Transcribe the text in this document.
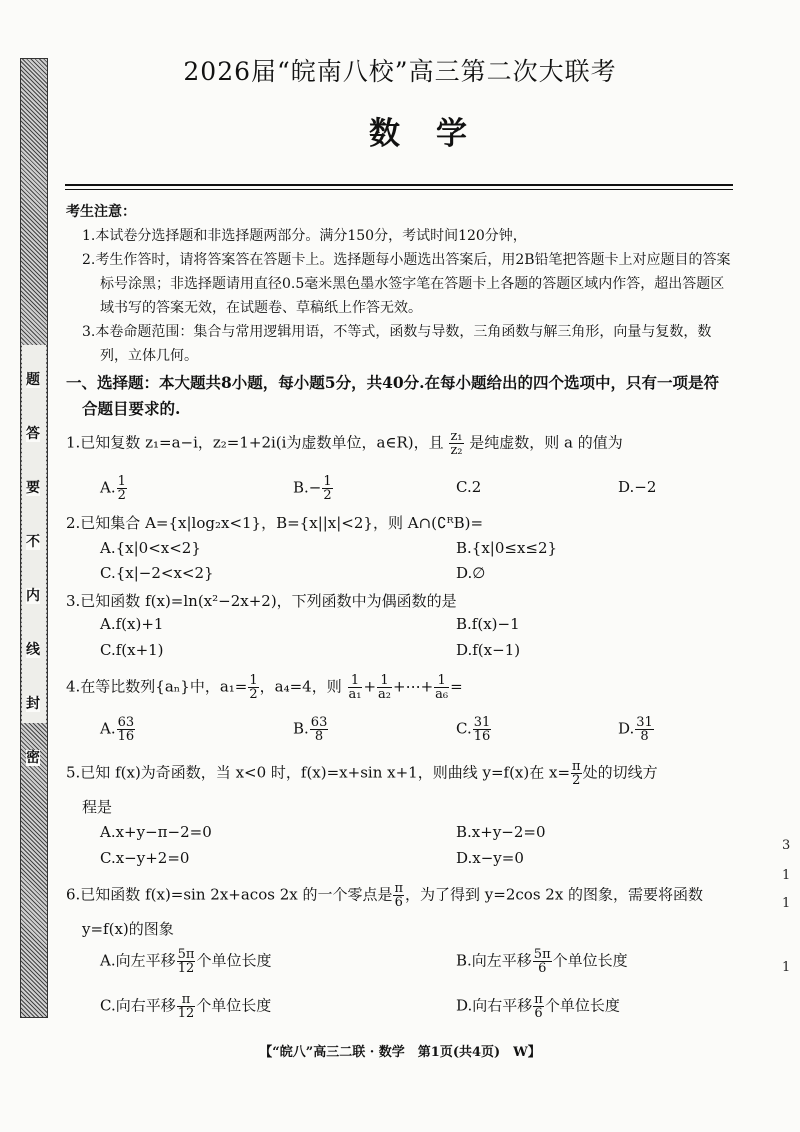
题
答
要
不
内
线
封
密
2026届“皖南八校”高三第二次大联考
数学
考生注意：
1.本试卷分选择题和非选择题两部分。满分150分，考试时间120分钟，
2.考生作答时，请将答案答在答题卡上。选择题每小题选出答案后，用2B铅笔把答题卡上对应题目的答案标号涂黑；非选择题请用直径0.5毫米黑色墨水签字笔在答题卡上各题的答题区域内作答，超出答题区域书写的答案无效，在试题卷、草稿纸上作答无效。
3.本卷命题范围：集合与常用逻辑用语，不等式，函数与导数，三角函数与解三角形，向量与复数，数列，立体几何。
一、选择题：本大题共8小题，每小题5分，共40分.在每小题给出的四个选项中，只有一项是符
合题目要求的.
1.已知复数 z₁=a−i，z₂=1+2i(i为虚数单位，a∈R)，且 $\frac{\text{z₁}}{\text{z₂}}$ 是纯虚数，则 a 的值为
A. $\frac{1}{2}$	$B.- \frac{1}{2}$	C.2	D.−2
2.已知集合 A={x|log₂x<1}，B={x||x|<2}，则 A∩(∁ᴿB)=
A.{x|0<x<2}	B.{x|0≤x≤2}
C.{x|−2<x<2}	D.∅
3.已知函数 f(x)=ln(x²−2x+2)，下列函数中为偶函数的是
A.f(x)+1	B.f(x)−1
C.f(x+1)	D.f(x−1)
4.在等比数列{aₙ}中，$a_1= \frac{1}{2}$ ，a₄=4，则 $\frac{1}{\text{a₁}} + \frac{1}{\text{a₂}}$ +⋯+ $\frac{1}{\text{a₆}}$ =
A. $\frac{63}{16}$	B. $\frac{63}{8}$	C. $\frac{31}{16}$	D. $\frac{31}{8}$
5.已知 f(x)为奇函数，当 x<0 时，f(x)=x+sin x+1，则曲线 y=f(x)在 $x= \frac{\pi}{2}$ 处的切线方
程是
A.x+y−π−2=0	B.x+y−2=0
C.x−y+2=0	D.x−y=0
6.已知函数 f(x)=sin 2x+acos 2x 的一个零点是 $\frac{\pi}{6}$ ，为了得到 y=2cos 2x 的图象，需要将函数
y=f(x)的图象
A.向左平移 $\frac{5\pi}{12}$ 个单位长度	B.向左平移 $\frac{5\pi}{6}$ 个单位长度
C.向右平移 $\frac{\pi}{12}$ 个单位长度	D.向右平移 $\frac{\pi}{6}$ 个单位长度
3
1
1
1
【“皖八”高三二联 · 数学　第1页(共4页)　W】
